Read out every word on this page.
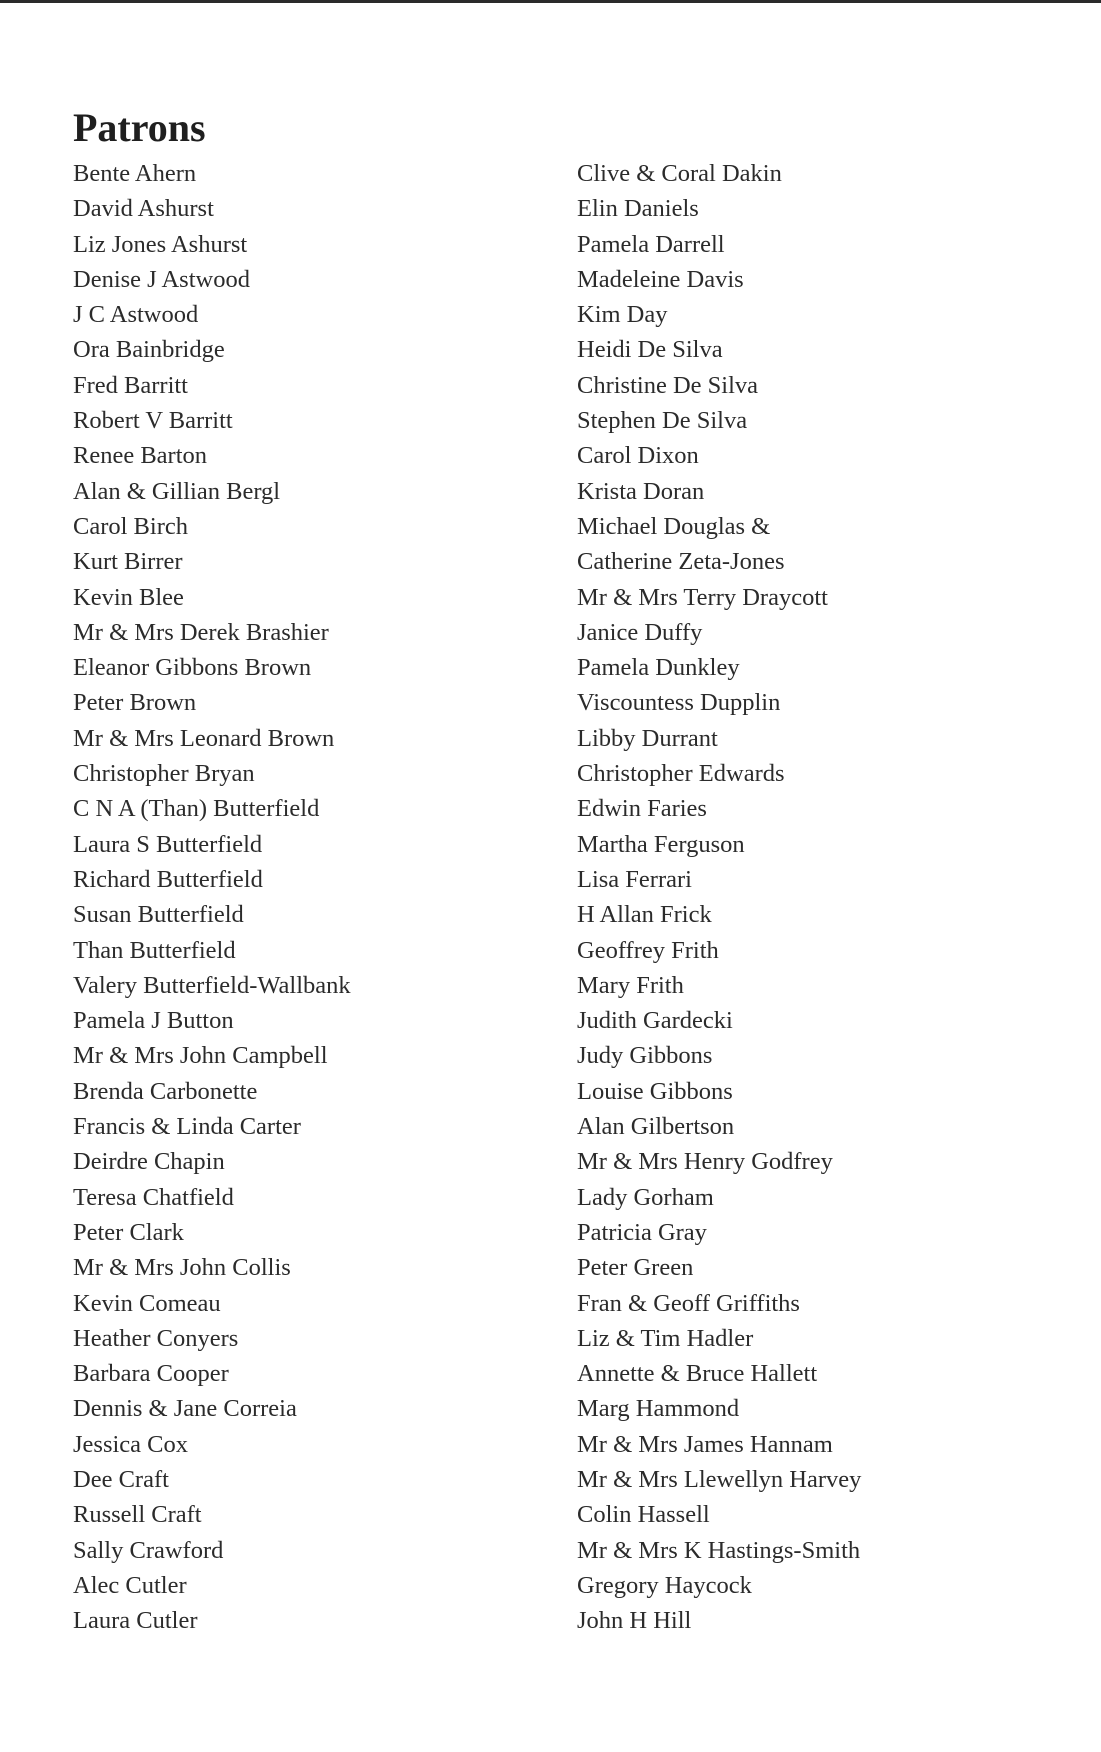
Patrons
Bente Ahern
David Ashurst
Liz Jones Ashurst
Denise J Astwood
J C Astwood
Ora Bainbridge
Fred Barritt
Robert V Barritt
Renee Barton
Alan & Gillian Bergl
Carol Birch
Kurt Birrer
Kevin Blee
Mr & Mrs Derek Brashier
Eleanor Gibbons Brown
Peter Brown
Mr & Mrs Leonard Brown
Christopher Bryan
C N A (Than) Butterfield
Laura S Butterfield
Richard Butterfield
Susan Butterfield
Than Butterfield
Valery Butterfield-Wallbank
Pamela J Button
Mr & Mrs John Campbell
Brenda Carbonette
Francis & Linda Carter
Deirdre Chapin
Teresa Chatfield
Peter Clark
Mr & Mrs John Collis
Kevin Comeau
Heather Conyers
Barbara Cooper
Dennis & Jane Correia
Jessica Cox
Dee Craft
Russell Craft
Sally Crawford
Alec Cutler
Laura Cutler
Clive & Coral Dakin
Elin Daniels
Pamela Darrell
Madeleine Davis
Kim Day
Heidi De Silva
Christine De Silva
Stephen De Silva
Carol Dixon
Krista Doran
Michael Douglas &
Catherine Zeta-Jones
Mr & Mrs Terry Draycott
Janice Duffy
Pamela Dunkley
Viscountess Dupplin
Libby Durrant
Christopher Edwards
Edwin Faries
Martha Ferguson
Lisa Ferrari
H Allan Frick
Geoffrey Frith
Mary Frith
Judith Gardecki
Judy Gibbons
Louise Gibbons
Alan Gilbertson
Mr & Mrs Henry Godfrey
Lady Gorham
Patricia Gray
Peter Green
Fran & Geoff Griffiths
Liz & Tim Hadler
Annette & Bruce Hallett
Marg Hammond
Mr & Mrs James Hannam
Mr & Mrs Llewellyn Harvey
Colin Hassell
Mr & Mrs K Hastings-Smith
Gregory Haycock
John H Hill
